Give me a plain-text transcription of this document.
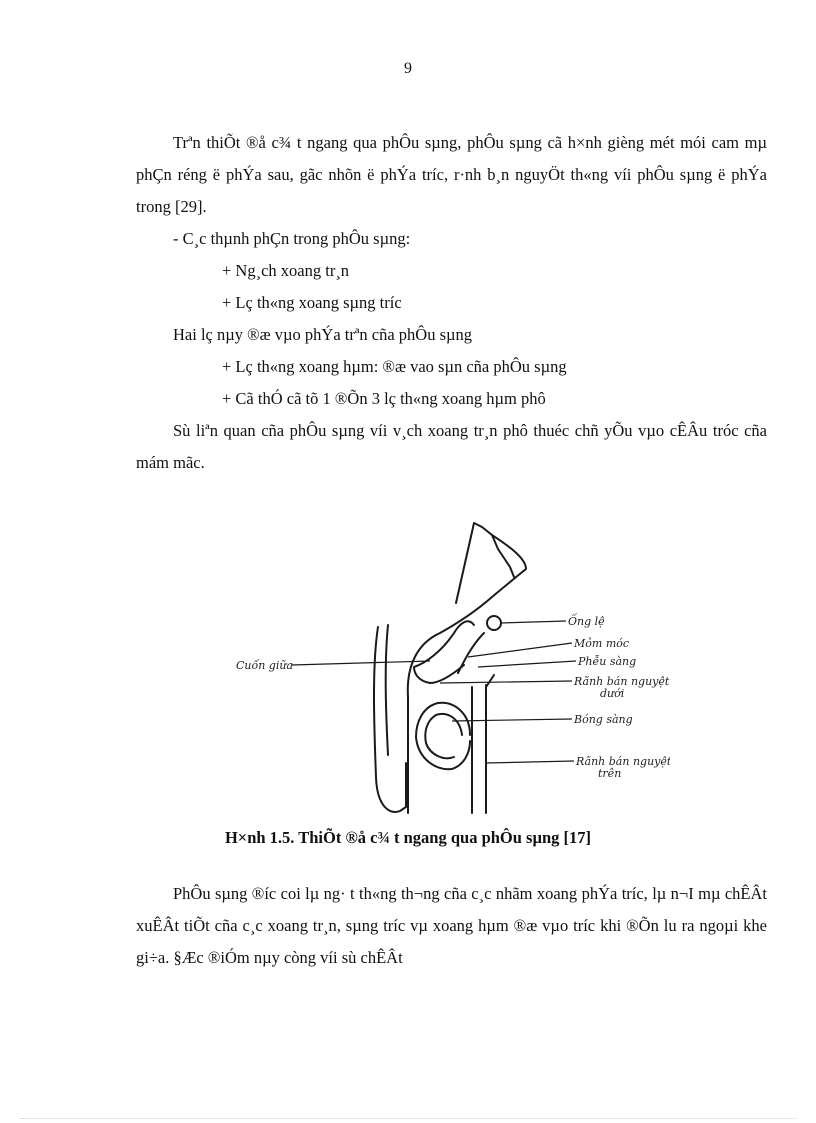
9

Trªn thiÕt ®å c¾ t ngang qua phÔu sµng, phÔu sµng cã h×nh gièng mét mói cam mµ phÇn réng ë phÝa sau, gãc nhõn ë phÝa tríc, r·nh b¸n nguyÖt th«ng víi phÔu sµng ë phÝa trong [29].

- C¸c thµnh phÇn trong phÔu sµng:

+ Ng¸ch xoang tr¸n

+ Lç th«ng xoang sµng tríc

Hai lç nµy ®æ vµo phÝa trªn cña phÔu sµng

+ Lç th«ng xoang hµm: ®æ vao sµn cña phÔu sµng

+ Cã thÓ cã tõ 1 ®Õn 3 lç th«ng xoang hµm phô

Sù liªn quan cña phÔu sµng víi v¸ch xoang tr¸n phô thuéc chñ yÕu vµo cÊÂu tróc cña mám mãc.

Cuốn giữa
Ống lệ
Mỏm móc
Phễu sàng
Rãnh bán nguyệt
dưới
Bóng sàng
Rãnh bán nguyệt
trên
H×nh 1.5. ThiÕt ®å c¾ t ngang qua phÔu sµng [17]

PhÔu sµng ®íc coi lµ ng· t th«ng th¬ng cña c¸c nhãm xoang phÝa tríc, lµ n¬I mµ chÊÂt xuÊÂt tiÕt cña c¸c xoang tr¸n, sµng tríc vµ xoang hµm ®æ vµo tríc khi ®Õn lu ra ngoµi khe gi÷a. §Æc ®iÓm nµy còng víi sù chÊÂt
